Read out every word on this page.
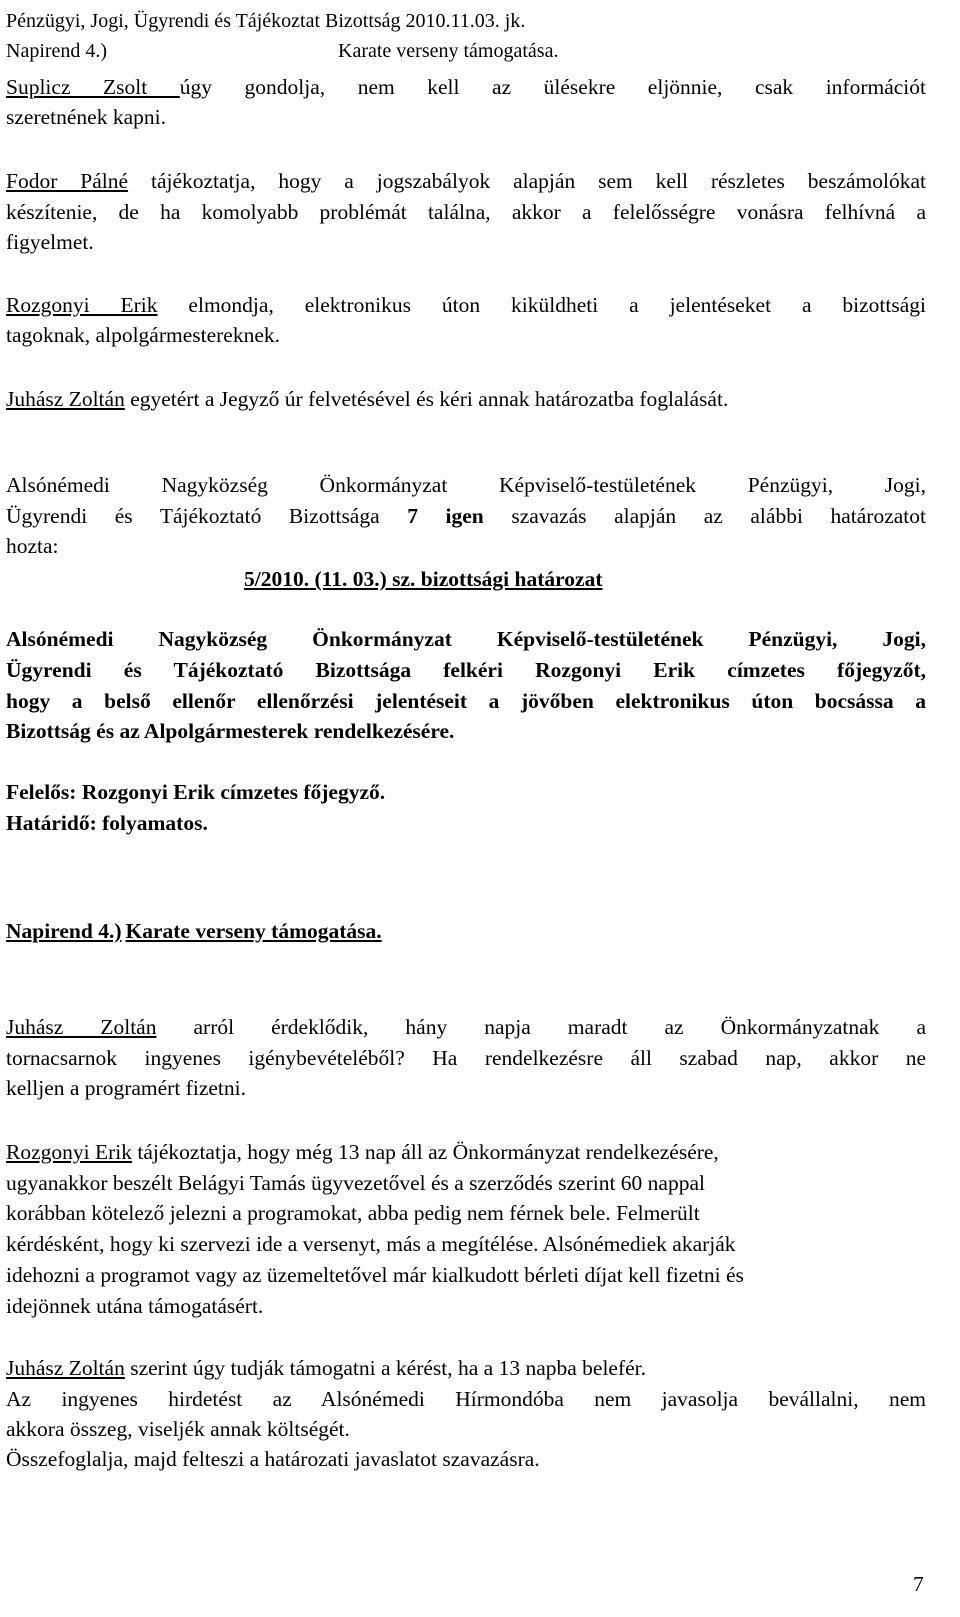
Pénzügyi, Jogi, Ügyrendi és Tájékoztat Bizottság 2010.11.03. jk.
Napirend 4.)	Karate verseny támogatása.
Suplicz Zsolt úgy gondolja, nem kell az ülésekre eljönnie, csak információt
szeretnének kapni.
Fodor Pálné tájékoztatja, hogy a jogszabályok alapján sem kell részletes beszámolókat
készítenie, de ha komolyabb problémát találna, akkor a felelősségre vonásra felhívná a
figyelmet.
Rozgonyi Erik elmondja, elektronikus úton kiküldheti a jelentéseket a bizottsági
tagoknak, alpolgármestereknek.
Juhász Zoltán egyetért a Jegyző úr felvetésével és kéri annak határozatba foglalását.
Alsónémedi Nagyközség Önkormányzat Képviselő-testületének Pénzügyi, Jogi,
Ügyrendi és Tájékoztató Bizottsága 7 igen szavazás alapján az alábbi határozatot
hozta:
5/2010. (11. 03.) sz. bizottsági határozat
Alsónémedi Nagyközség Önkormányzat Képviselő-testületének Pénzügyi, Jogi,
Ügyrendi és Tájékoztató Bizottsága felkéri Rozgonyi Erik címzetes főjegyzőt,
hogy a belső ellenőr ellenőrzési jelentéseit a jövőben elektronikus úton bocsássa a
Bizottság és az Alpolgármesterek rendelkezésére.
Felelős: Rozgonyi Erik címzetes főjegyző.
Határidő: folyamatos.
Napirend 4.) Karate verseny támogatása.
Juhász Zoltán arról érdeklődik, hány napja maradt az Önkormányzatnak a
tornacsarnok ingyenes igénybevételéből? Ha rendelkezésre áll szabad nap, akkor ne
kelljen a programért fizetni.
Rozgonyi Erik tájékoztatja, hogy még 13 nap áll az Önkormányzat rendelkezésére,
ugyanakkor beszélt Belágyi Tamás ügyvezetővel és a szerződés szerint 60 nappal
korábban kötelező jelezni a programokat, abba pedig nem férnek bele. Felmerült
kérdésként, hogy ki szervezi ide a versenyt, más a megítélése. Alsónémediek akarják
idehozni a programot vagy az üzemeltetővel már kialkudott bérleti díjat kell fizetni és
idejönnek utána támogatásért.
Juhász Zoltán szerint úgy tudják támogatni a kérést, ha a 13 napba belefér.
Az ingyenes hirdetést az Alsónémedi Hírmondóba nem javasolja bevállalni, nem
akkora összeg, viseljék annak költségét.
Összefoglalja, majd felteszi a határozati javaslatot szavazásra.
7
